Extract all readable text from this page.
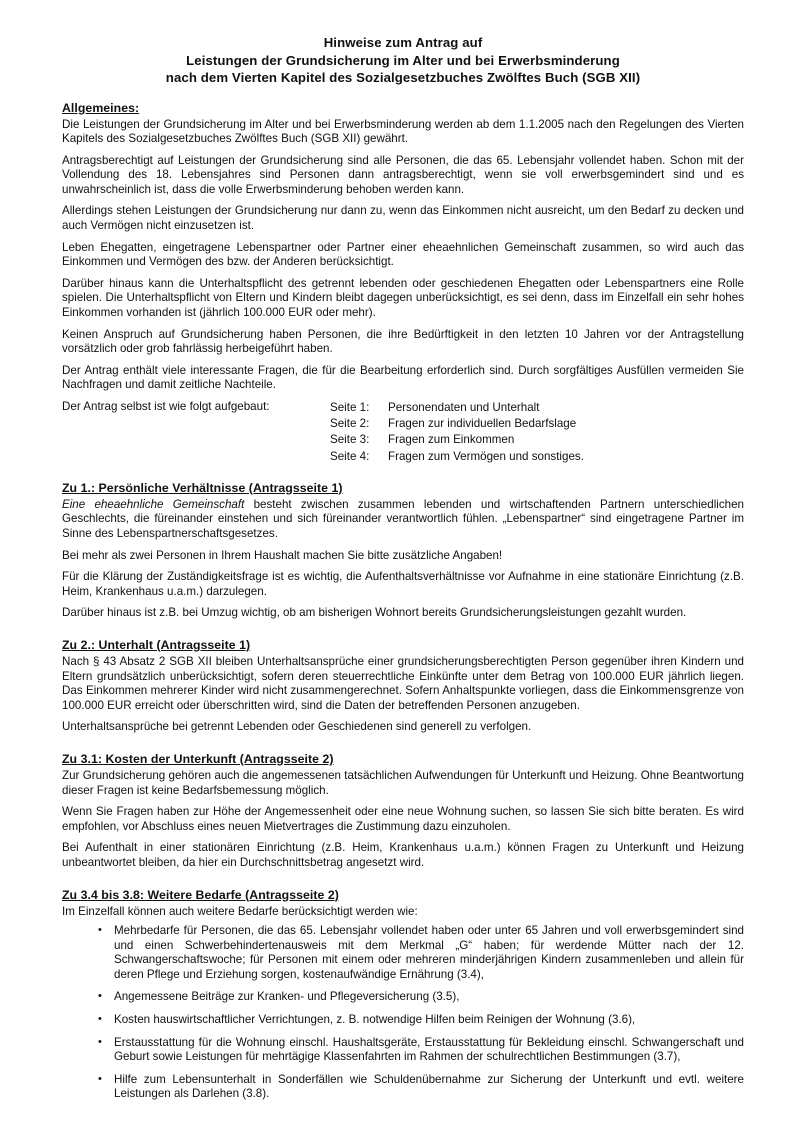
Hinweise zum Antrag auf
Leistungen der Grundsicherung im Alter und bei Erwerbsminderung
nach dem Vierten Kapitel des Sozialgesetzbuches Zwölftes Buch (SGB XII)
Allgemeines:

Die Leistungen der Grundsicherung im Alter und bei Erwerbsminderung werden ab dem 1.1.2005 nach den Regelungen des Vierten Kapitels des Sozialgesetzbuches Zwölftes Buch (SGB XII) gewährt.

Antragsberechtigt auf Leistungen der Grundsicherung sind alle Personen, die das 65. Lebensjahr vollendet haben. Schon mit der Vollendung des 18. Lebensjahres sind Personen dann antragsberechtigt, wenn sie voll erwerbsgemindert sind und es unwahrscheinlich ist, dass die volle Erwerbsminderung behoben werden kann.

Allerdings stehen Leistungen der Grundsicherung nur dann zu, wenn das Einkommen nicht ausreicht, um den Bedarf zu decken und auch Vermögen nicht einzusetzen ist.

Leben Ehegatten, eingetragene Lebenspartner oder Partner einer eheaehnlichen Gemeinschaft zusammen, so wird auch das Einkommen und Vermögen des bzw. der Anderen berücksichtigt.

Darüber hinaus kann die Unterhaltspflicht des getrennt lebenden oder geschiedenen Ehegatten oder Lebenspartners eine Rolle spielen. Die Unterhaltspflicht von Eltern und Kindern bleibt dagegen unberücksichtigt, es sei denn, dass im Einzelfall ein sehr hohes Einkommen vorhanden ist (jährlich 100.000 EUR oder mehr).

Keinen Anspruch auf Grundsicherung haben Personen, die ihre Bedürftigkeit in den letzten 10 Jahren vor der Antragstellung vorsätzlich oder grob fahrlässig herbeigeführt haben.

Der Antrag enthält viele interessante Fragen, die für die Bearbeitung erforderlich sind. Durch sorgfältiges Ausfüllen vermeiden Sie Nachfragen und damit zeitliche Nachteile.

Der Antrag selbst ist wie folgt aufgebaut:	Seite 1: Personendaten und Unterhalt
Seite 2: Fragen zur individuellen Bedarfslage
Seite 3: Fragen zum Einkommen
Seite 4: Fragen zum Vermögen und sonstiges.
Zu 1.: Persönliche Verhältnisse (Antragsseite 1)

Eine eheaehnliche Gemeinschaft besteht zwischen zusammen lebenden und wirtschaftenden Partnern unterschiedlichen Geschlechts, die füreinander einstehen und sich füreinander verantwortlich fühlen. „Lebenspartner“ sind eingetragene Partner im Sinne des Lebenspartnerschaftsgesetzes.

Bei mehr als zwei Personen in Ihrem Haushalt machen Sie bitte zusätzliche Angaben!

Für die Klärung der Zuständigkeitsfrage ist es wichtig, die Aufenthaltsverhältnisse vor Aufnahme in eine stationäre Einrichtung (z.B. Heim, Krankenhaus u.a.m.) darzulegen.

Darüber hinaus ist z.B. bei Umzug wichtig, ob am bisherigen Wohnort bereits Grundsicherungsleistungen gezahlt wurden.

Zu 2.: Unterhalt (Antragsseite 1)

Nach § 43 Absatz 2 SGB XII bleiben Unterhaltsansprüche einer grundsicherungsberechtigten Person gegenüber ihren Kindern und Eltern grundsätzlich unberücksichtigt, sofern deren steuerrechtliche Einkünfte unter dem Betrag von 100.000 EUR jährlich liegen. Das Einkommen mehrerer Kinder wird nicht zusammengerechnet. Sofern Anhaltspunkte vorliegen, dass die Einkommensgrenze von 100.000 EUR erreicht oder überschritten wird, sind die Daten der betreffenden Personen anzugeben.

Unterhaltsansprüche bei getrennt Lebenden oder Geschiedenen sind generell zu verfolgen.

Zu 3.1: Kosten der Unterkunft (Antragsseite 2)

Zur Grundsicherung gehören auch die angemessenen tatsächlichen Aufwendungen für Unterkunft und Heizung. Ohne Beantwortung dieser Fragen ist keine Bedarfsbemessung möglich.

Wenn Sie Fragen haben zur Höhe der Angemessenheit oder eine neue Wohnung suchen, so lassen Sie sich bitte beraten. Es wird empfohlen, vor Abschluss eines neuen Mietvertrages die Zustimmung dazu einzuholen.

Bei Aufenthalt in einer stationären Einrichtung (z.B. Heim, Krankenhaus u.a.m.) können Fragen zu Unterkunft und Heizung unbeantwortet bleiben, da hier ein Durchschnittsbetrag angesetzt wird.

Zu 3.4 bis 3.8: Weitere Bedarfe (Antragsseite 2)

Im Einzelfall können auch weitere Bedarfe berücksichtigt werden wie:

• Mehrbedarfe für Personen, die das 65. Lebensjahr vollendet haben oder unter 65 Jahren und voll erwerbsgemindert sind und einen Schwerbehindertenausweis mit dem Merkmal „G“ haben; für werdende Mütter nach der 12. Schwangerschaftswoche; für Personen mit einem oder mehreren minderjährigen Kindern zusammenleben und allein für deren Pflege und Erziehung sorgen, kostenaufwändige Ernährung (3.4),
• Angemessene Beiträge zur Kranken- und Pflegeversicherung (3.5),
• Kosten hauswirtschaftlicher Verrichtungen, z. B. notwendige Hilfen beim Reinigen der Wohnung (3.6),
• Erstausstattung für die Wohnung einschl. Haushaltsgeräte, Erstausstattung für Bekleidung einschl. Schwangerschaft und Geburt sowie Leistungen für mehrtägige Klassenfahrten im Rahmen der schulrechtlichen Bestimmungen (3.7),
• Hilfe zum Lebensunterhalt in Sonderfällen wie Schuldenübernahme zur Sicherung der Unterkunft und evtl. weitere Leistungen als Darlehen (3.8).
